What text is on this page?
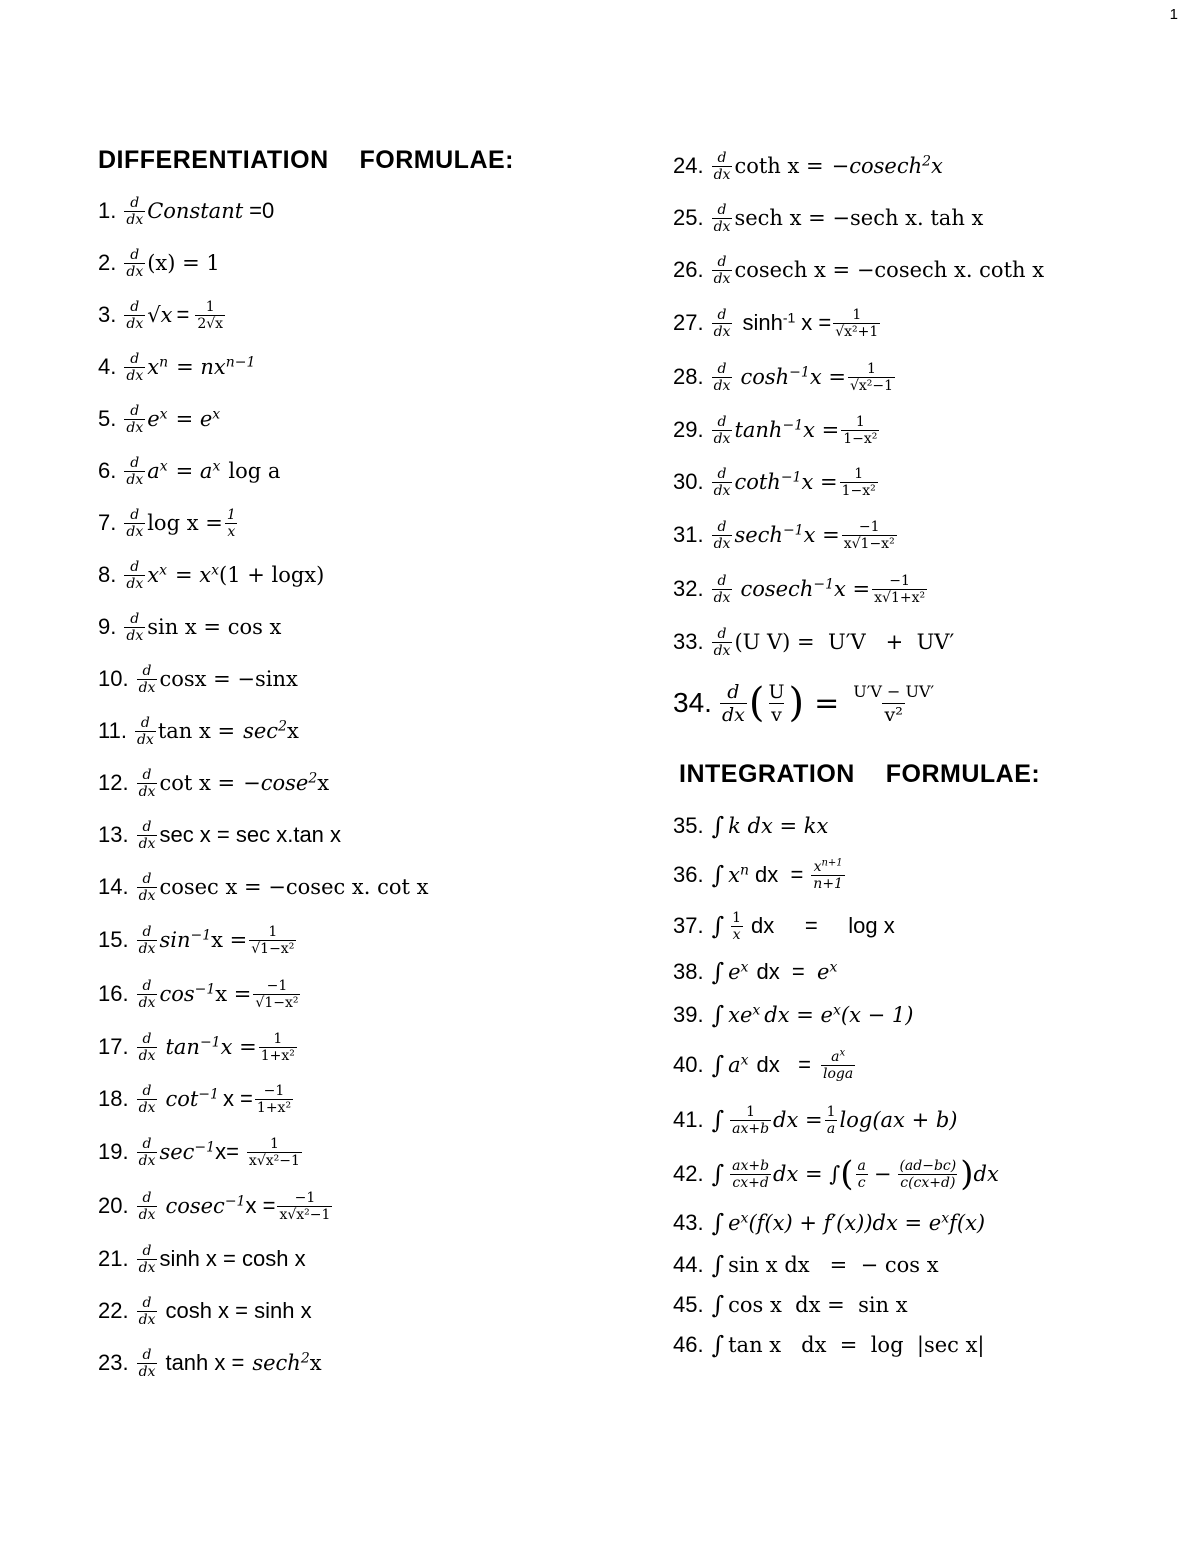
1
DIFFERENTIATION  FORMULAE:
1. $\frac{d}{dx}$ Constant =0
2. $\frac{d}{dx} (x) = 1$
3. $\frac{d}{dx} √x = \frac{1}{2√x}$
4. $\frac{d}{dx} x^n = nx^{n-1}$
5. $\frac{d}{dx} e^x = e^x$
6. $\frac{d}{dx} a^x = a^x$ log a
7. $\frac{d}{dx}$ $\log x = \frac{1}{x}$
8. $\frac{d}{dx} x^x = x^x$ (1 + logx)
9. $\frac{d}{dx}$ sin x = cos x
10. $\frac{d}{dx}$ cosx = −sinx
11. $\frac{d}{dx}$ $\tan x = \sec^2 x$
12. $\frac{d}{dx}$ cot x = −cose$^2$ x
13. $\frac{d}{dx}$ sec x = sec x.tan x
14. $\frac{d}{dx}$ cosec x = −cosec x. cot x
15. $\frac{d}{dx} \sin^{-1} x = \frac{1}{\text{√1−x²}}$
16. $\frac{d}{dx} \cos^{-1} x = \frac{-1}{\text{√1−x²}}$
17. $\frac{d}{dx} \tan^{-1} x = \frac{1}{\text{1+x²}}$
18. $\frac{d}{dx} \cot^{-1} x = \frac{-1}{\text{1+x²}}$
19. $\frac{d}{dx} \sec^{-1} x= \frac{1}{\text{x√x²−1}}$
20. $\frac{d}{dx} cosec^{-1}$ $x = \frac{-1}{\text{x√x²−1}}$
21. $\frac{d}{dx}$ sinh x = cosh x
22. $\frac{d}{dx}$ cosh x = sinh x
23. $\frac{d}{dx}$ tanh x = sech$^2$ x
24. $\frac{d}{dx}$ coth x = −cosech$^2$ x
25. $\frac{d}{dx}$ sech x = −sech x. tah x
26. $\frac{d}{dx}$ cosech x = −cosech x. coth x
27. $\frac{d}{dx} \sinh^{-1} x = \frac{1}{\text{√x²+1}}$
28. $\frac{d}{dx} \cosh^{-1} x = \frac{1}{\text{√x²−1}}$
29. $\frac{d}{dx} \tanh^{-1} x = \frac{1}{\text{1−x²}}$
30. $\frac{d}{dx} \cot h^{-1}$ $x = \frac{1}{\text{1−x²}}$
31. $\frac{d}{dx} \sec h^{-1}$ $x = \frac{-1}{\text{x√1−x²}}$
32. $\frac{d}{dx} cosech^{-1}$ $x = \frac{-1}{\text{x√1+x²}}$
33. $\frac{d}{dx} (U$ V) =  U′V   +  UV′
34. $\frac{d}{dx}$ ( $\frac{U}{v}$ ) = $\frac{U'V - UV'}{\text{v²}}$
INTEGRATION  FORMULAE:
35. ∫ k dx = kx
36. ∫ $x^n$ dx  = $\frac{x^{n+1}}{n+1}$
37. ∫ $\frac{1}{x}$ dx     =     log x
38. ∫ $e^x$ dx  = $e^x$
39. ∫ $xe^x$ dx = $e^x$ (x − 1)
40. ∫ $a^x$ dx   = $\frac{a^x}{\log a}$
41. ∫ $\frac{1}{ax+b}$ dx = $\frac{1}{a} \log(ax + b)$
42. ∫ $\frac{ax+b}{cx+d}$ dx = ∫ ( $\frac{a}{c} - \frac{(ad-bc)}{c(cx+d)}$ ) dx
43. ∫ $e^x$ $(f(x) + f'(x))dx = e^x$ f(x)
44. ∫ sin x dx   =  − cos x
45. ∫ cos x  dx =  sin x
46. ∫ tan x   dx  =  log  |sec x|
